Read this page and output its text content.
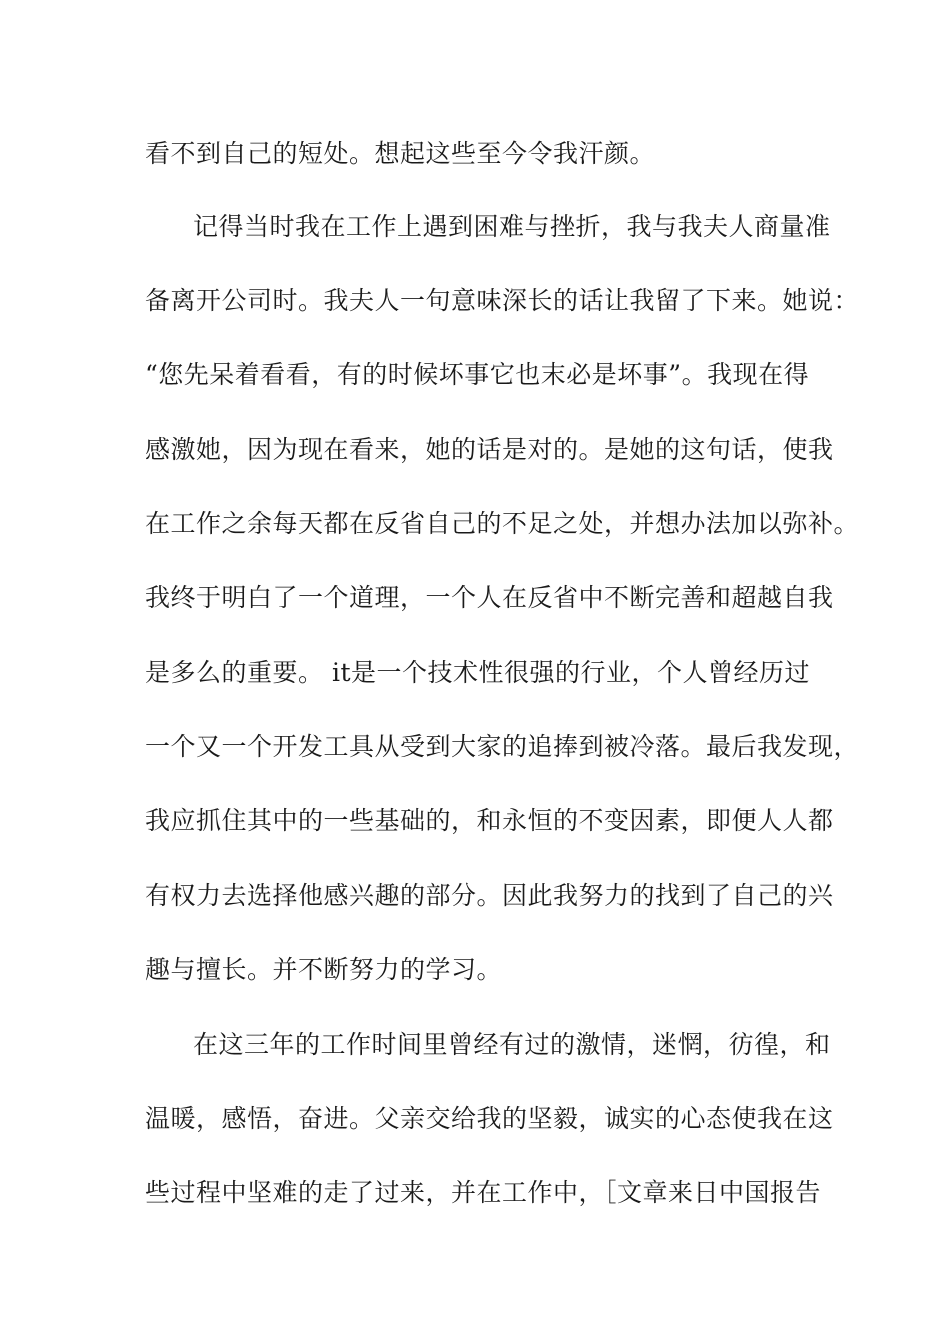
看不到自己的短处。想起这些至今令我汗颜。
记得当时我在工作上遇到困难与挫折，我与我夫人商量准
备离开公司时。我夫人一句意味深长的话让我留了下来。她说：
“您先呆着看看，有的时候坏事它也末必是坏事”。我现在得
感激她，因为现在看来，她的话是对的。是她的这句话，使我
在工作之余每天都在反省自己的不足之处，并想办法加以弥补。
我终于明白了一个道理，一个人在反省中不断完善和超越自我
是多么的重要。 it是一个技术性很强的行业，个人曾经历过
一个又一个开发工具从受到大家的追捧到被冷落。最后我发现，
我应抓住其中的一些基础的，和永恒的不变因素，即便人人都
有权力去选择他感兴趣的部分。因此我努力的找到了自己的兴
趣与擅长。并不断努力的学习。
在这三年的工作时间里曾经有过的激情，迷惘，彷徨，和
温暖，感悟，奋进。父亲交给我的坚毅，诚实的心态使我在这
些过程中坚难的走了过来，并在工作中，［文章来日中国报告
